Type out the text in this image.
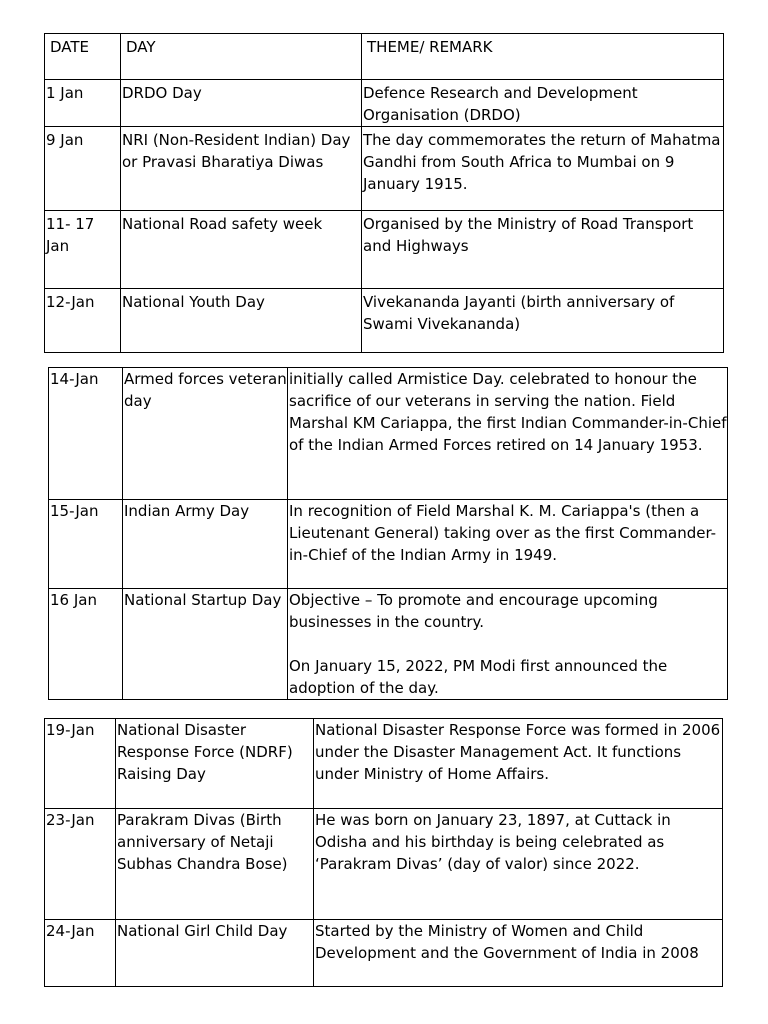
DATE	DAY	THEME/ REMARK
1 Jan	DRDO Day	Defence Research and Development Organisation (DRDO)
9 Jan	NRI (Non-Resident Indian) Day or Pravasi Bharatiya Diwas	The day commemorates the return of Mahatma Gandhi from South Africa to Mumbai on 9 January 1915.
11- 17 Jan	National Road safety week	Organised by the Ministry of Road Transport and Highways
12-Jan	National Youth Day	Vivekananda Jayanti (birth anniversary of Swami Vivekananda)
14-Jan	Armed forces veteran day	initially called Armistice Day. celebrated to honour the sacrifice of our veterans in serving the nation. Field Marshal KM Cariappa, the first Indian Commander-in-Chief of the Indian Armed Forces retired on 14 January 1953.
15-Jan	Indian Army Day	In recognition of Field Marshal K. M. Cariappa's (then a Lieutenant General) taking over as the first Commander-in-Chief of the Indian Army in 1949.
16 Jan	National Startup Day	Objective – To promote and encourage upcoming businesses in the country.
On January 15, 2022, PM Modi first announced the adoption of the day.
19-Jan	National Disaster Response Force (NDRF) Raising Day	National Disaster Response Force was formed in 2006 under the Disaster Management Act. It functions under Ministry of Home Affairs.
23-Jan	Parakram Divas (Birth anniversary of Netaji Subhas Chandra Bose)	He was born on January 23, 1897, at Cuttack in Odisha and his birthday is being celebrated as ‘Parakram Divas’ (day of valor) since 2022.
24-Jan	National Girl Child Day	Started by the Ministry of Women and Child Development and the Government of India in 2008
